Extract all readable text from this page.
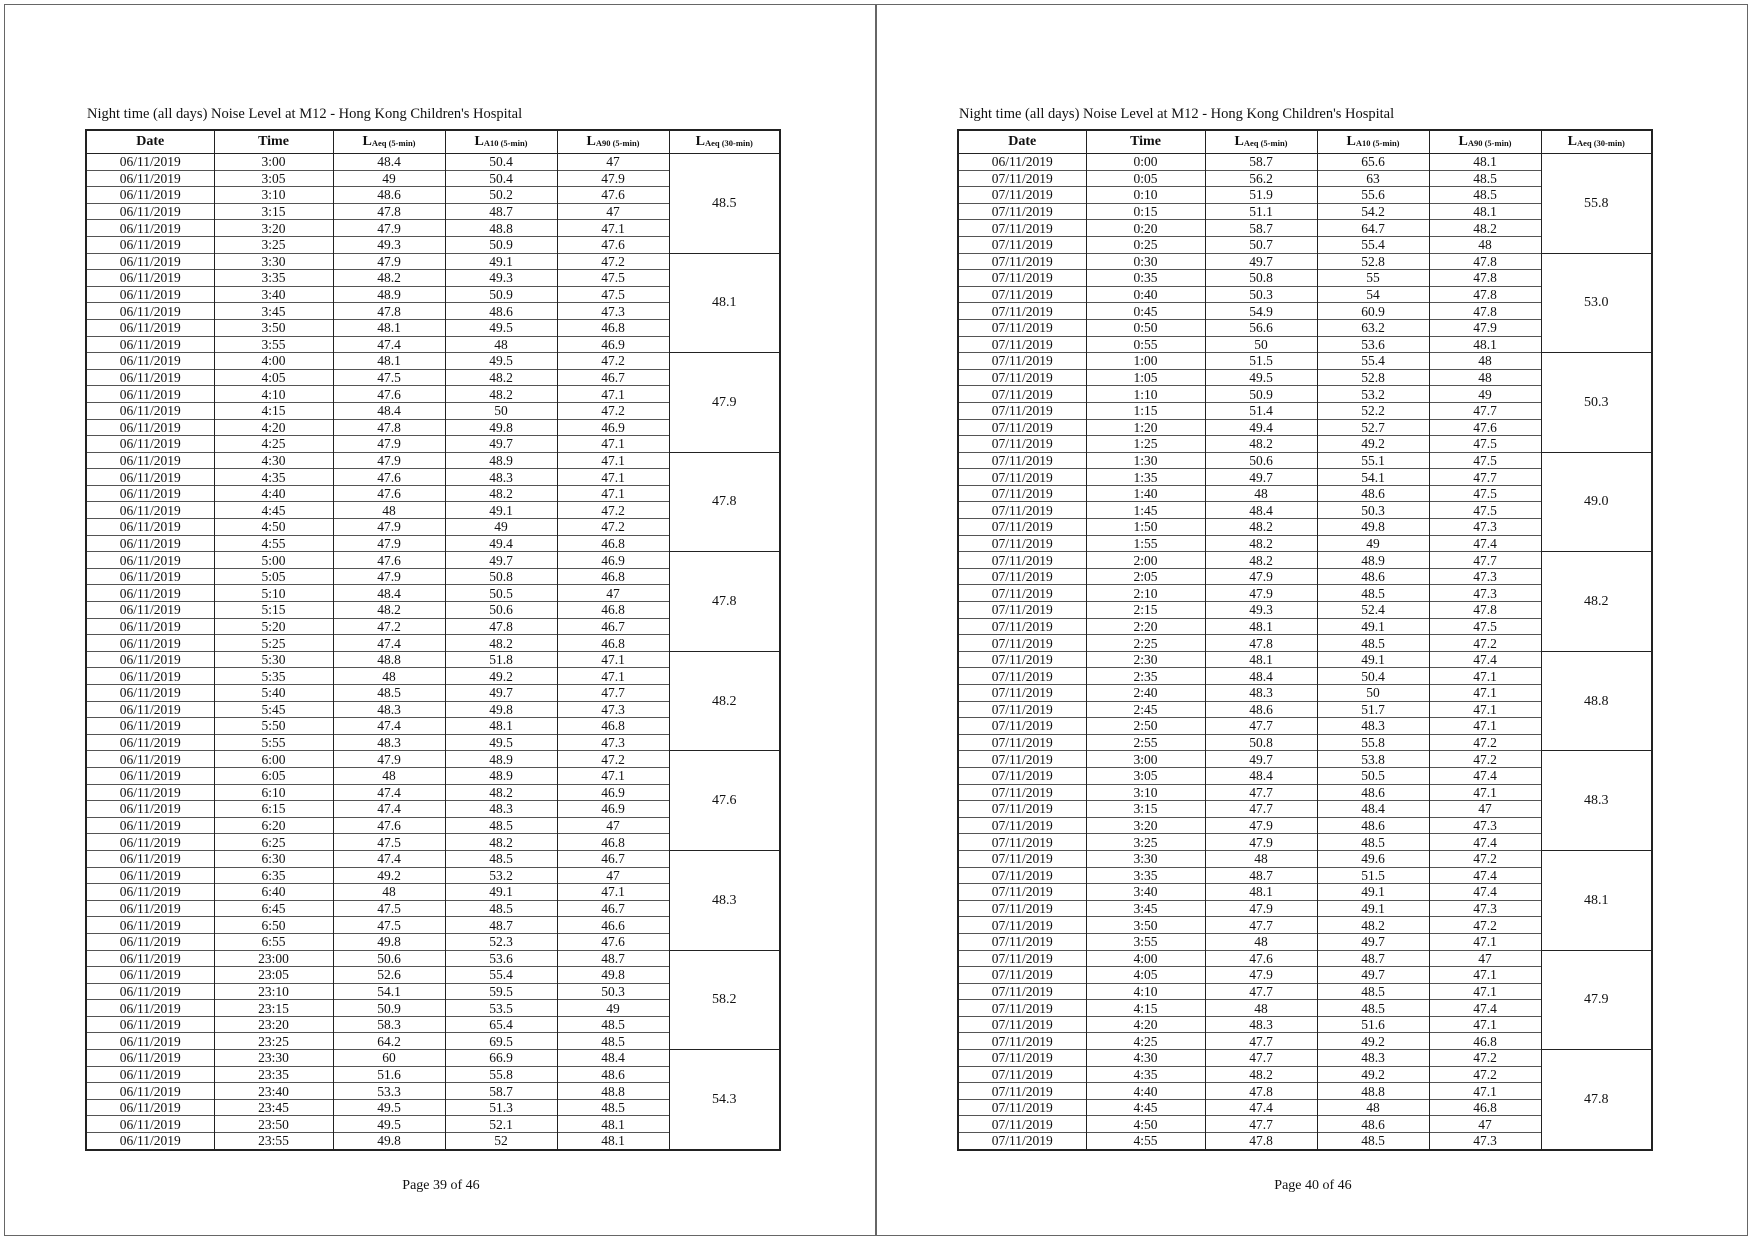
Night time (all days) Noise Level at M12 - Hong Kong Children's Hospital
Date	Time	$L_{Aeq (5-min)}$	$L_{A10 (5-min)}$	$L_{A90 (5-min)}$	$L_{Aeq (30-min)}$
06/11/2019	3:00	48.4	50.4	47	48.5
06/11/2019	3:05	49	50.4	47.9	
06/11/2019	3:10	48.6	50.2	47.6	
06/11/2019	3:15	47.8	48.7	47	
06/11/2019	3:20	47.9	48.8	47.1	
06/11/2019	3:25	49.3	50.9	47.6	
06/11/2019	3:30	47.9	49.1	47.2	48.1
06/11/2019	3:35	48.2	49.3	47.5	
06/11/2019	3:40	48.9	50.9	47.5	
06/11/2019	3:45	47.8	48.6	47.3	
06/11/2019	3:50	48.1	49.5	46.8	
06/11/2019	3:55	47.4	48	46.9	
06/11/2019	4:00	48.1	49.5	47.2	47.9
06/11/2019	4:05	47.5	48.2	46.7	
06/11/2019	4:10	47.6	48.2	47.1	
06/11/2019	4:15	48.4	50	47.2	
06/11/2019	4:20	47.8	49.8	46.9	
06/11/2019	4:25	47.9	49.7	47.1	
06/11/2019	4:30	47.9	48.9	47.1	47.8
06/11/2019	4:35	47.6	48.3	47.1	
06/11/2019	4:40	47.6	48.2	47.1	
06/11/2019	4:45	48	49.1	47.2	
06/11/2019	4:50	47.9	49	47.2	
06/11/2019	4:55	47.9	49.4	46.8	
06/11/2019	5:00	47.6	49.7	46.9	47.8
06/11/2019	5:05	47.9	50.8	46.8	
06/11/2019	5:10	48.4	50.5	47	
06/11/2019	5:15	48.2	50.6	46.8	
06/11/2019	5:20	47.2	47.8	46.7	
06/11/2019	5:25	47.4	48.2	46.8	
06/11/2019	5:30	48.8	51.8	47.1	48.2
06/11/2019	5:35	48	49.2	47.1	
06/11/2019	5:40	48.5	49.7	47.7	
06/11/2019	5:45	48.3	49.8	47.3	
06/11/2019	5:50	47.4	48.1	46.8	
06/11/2019	5:55	48.3	49.5	47.3	
06/11/2019	6:00	47.9	48.9	47.2	47.6
06/11/2019	6:05	48	48.9	47.1	
06/11/2019	6:10	47.4	48.2	46.9	
06/11/2019	6:15	47.4	48.3	46.9	
06/11/2019	6:20	47.6	48.5	47	
06/11/2019	6:25	47.5	48.2	46.8	
06/11/2019	6:30	47.4	48.5	46.7	48.3
06/11/2019	6:35	49.2	53.2	47	
06/11/2019	6:40	48	49.1	47.1	
06/11/2019	6:45	47.5	48.5	46.7	
06/11/2019	6:50	47.5	48.7	46.6	
06/11/2019	6:55	49.8	52.3	47.6	
06/11/2019	23:00	50.6	53.6	48.7	58.2
06/11/2019	23:05	52.6	55.4	49.8	
06/11/2019	23:10	54.1	59.5	50.3	
06/11/2019	23:15	50.9	53.5	49	
06/11/2019	23:20	58.3	65.4	48.5	
06/11/2019	23:25	64.2	69.5	48.5	
06/11/2019	23:30	60	66.9	48.4	54.3
06/11/2019	23:35	51.6	55.8	48.6	
06/11/2019	23:40	53.3	58.7	48.8	
06/11/2019	23:45	49.5	51.3	48.5	
06/11/2019	23:50	49.5	52.1	48.1	
06/11/2019	23:55	49.8	52	48.1	
Page 39 of 46
Night time (all days) Noise Level at M12 - Hong Kong Children's Hospital
Date	Time	$L_{Aeq (5-min)}$	$L_{A10 (5-min)}$	$L_{A90 (5-min)}$	$L_{Aeq (30-min)}$
06/11/2019	0:00	58.7	65.6	48.1	55.8
07/11/2019	0:05	56.2	63	48.5	
07/11/2019	0:10	51.9	55.6	48.5	
07/11/2019	0:15	51.1	54.2	48.1	
07/11/2019	0:20	58.7	64.7	48.2	
07/11/2019	0:25	50.7	55.4	48	
07/11/2019	0:30	49.7	52.8	47.8	53.0
07/11/2019	0:35	50.8	55	47.8	
07/11/2019	0:40	50.3	54	47.8	
07/11/2019	0:45	54.9	60.9	47.8	
07/11/2019	0:50	56.6	63.2	47.9	
07/11/2019	0:55	50	53.6	48.1	
07/11/2019	1:00	51.5	55.4	48	50.3
07/11/2019	1:05	49.5	52.8	48	
07/11/2019	1:10	50.9	53.2	49	
07/11/2019	1:15	51.4	52.2	47.7	
07/11/2019	1:20	49.4	52.7	47.6	
07/11/2019	1:25	48.2	49.2	47.5	
07/11/2019	1:30	50.6	55.1	47.5	49.0
07/11/2019	1:35	49.7	54.1	47.7	
07/11/2019	1:40	48	48.6	47.5	
07/11/2019	1:45	48.4	50.3	47.5	
07/11/2019	1:50	48.2	49.8	47.3	
07/11/2019	1:55	48.2	49	47.4	
07/11/2019	2:00	48.2	48.9	47.7	48.2
07/11/2019	2:05	47.9	48.6	47.3	
07/11/2019	2:10	47.9	48.5	47.3	
07/11/2019	2:15	49.3	52.4	47.8	
07/11/2019	2:20	48.1	49.1	47.5	
07/11/2019	2:25	47.8	48.5	47.2	
07/11/2019	2:30	48.1	49.1	47.4	48.8
07/11/2019	2:35	48.4	50.4	47.1	
07/11/2019	2:40	48.3	50	47.1	
07/11/2019	2:45	48.6	51.7	47.1	
07/11/2019	2:50	47.7	48.3	47.1	
07/11/2019	2:55	50.8	55.8	47.2	
07/11/2019	3:00	49.7	53.8	47.2	48.3
07/11/2019	3:05	48.4	50.5	47.4	
07/11/2019	3:10	47.7	48.6	47.1	
07/11/2019	3:15	47.7	48.4	47	
07/11/2019	3:20	47.9	48.6	47.3	
07/11/2019	3:25	47.9	48.5	47.4	
07/11/2019	3:30	48	49.6	47.2	48.1
07/11/2019	3:35	48.7	51.5	47.4	
07/11/2019	3:40	48.1	49.1	47.4	
07/11/2019	3:45	47.9	49.1	47.3	
07/11/2019	3:50	47.7	48.2	47.2	
07/11/2019	3:55	48	49.7	47.1	
07/11/2019	4:00	47.6	48.7	47	47.9
07/11/2019	4:05	47.9	49.7	47.1	
07/11/2019	4:10	47.7	48.5	47.1	
07/11/2019	4:15	48	48.5	47.4	
07/11/2019	4:20	48.3	51.6	47.1	
07/11/2019	4:25	47.7	49.2	46.8	
07/11/2019	4:30	47.7	48.3	47.2	47.8
07/11/2019	4:35	48.2	49.2	47.2	
07/11/2019	4:40	47.8	48.8	47.1	
07/11/2019	4:45	47.4	48	46.8	
07/11/2019	4:50	47.7	48.6	47	
07/11/2019	4:55	47.8	48.5	47.3	
Page 40 of 46
